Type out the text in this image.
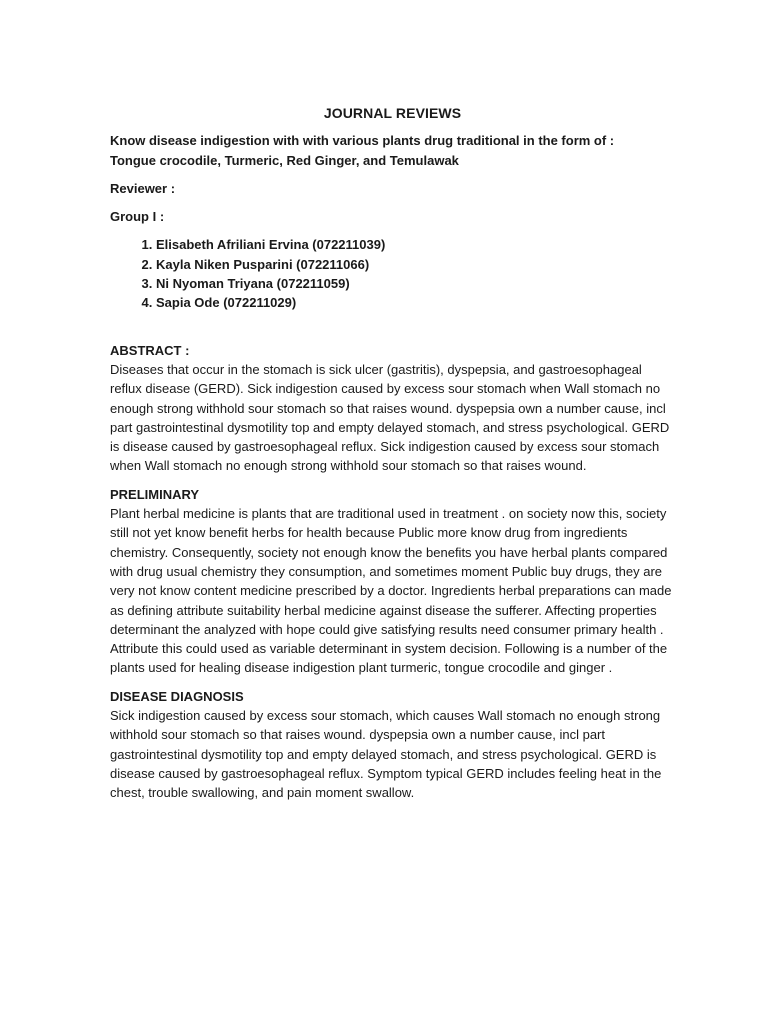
JOURNAL REVIEWS
Know disease indigestion with with various plants drug traditional in the form of :
Tongue crocodile, Turmeric, Red Ginger, and Temulawak
Reviewer :
Group I :
1. Elisabeth Afriliani Ervina (072211039)
2. Kayla Niken Pusparini (072211066)
3. Ni Nyoman Triyana (072211059)
4. Sapia Ode (072211029)
ABSTRACT :

Diseases that occur in the stomach is sick ulcer (gastritis), dyspepsia, and gastroesophageal reflux disease (GERD). Sick indigestion caused by excess sour stomach when Wall stomach no enough strong withhold sour stomach so that raises wound. dyspepsia own a number cause, incl part gastrointestinal dysmotility top and empty delayed stomach, and stress psychological. GERD is disease caused by gastroesophageal reflux. Sick indigestion caused by excess sour stomach when Wall stomach no enough strong withhold sour stomach so that raises wound.

PRELIMINARY

Plant herbal medicine is plants that are traditional used in treatment . on society now this, society still not yet know benefit herbs for health because Public more know drug from ingredients chemistry. Consequently, society not enough know the benefits you have herbal plants compared with drug usual chemistry they consumption, and sometimes moment Public buy drugs, they are very not know content medicine prescribed by a doctor. Ingredients herbal preparations can made as defining attribute suitability herbal medicine against disease the sufferer. Affecting properties determinant the analyzed with hope could give satisfying results need consumer primary health . Attribute this could used as variable determinant in system decision. Following is a number of the plants used for healing disease indigestion plant turmeric, tongue crocodile and ginger .

DISEASE DIAGNOSIS

Sick indigestion caused by excess sour stomach, which causes Wall stomach no enough strong withhold sour stomach so that raises wound. dyspepsia own a number cause, incl part gastrointestinal dysmotility top and empty delayed stomach, and stress psychological. GERD is disease caused by gastroesophageal reflux. Symptom typical GERD includes feeling heat in the chest, trouble swallowing, and pain moment swallow.
